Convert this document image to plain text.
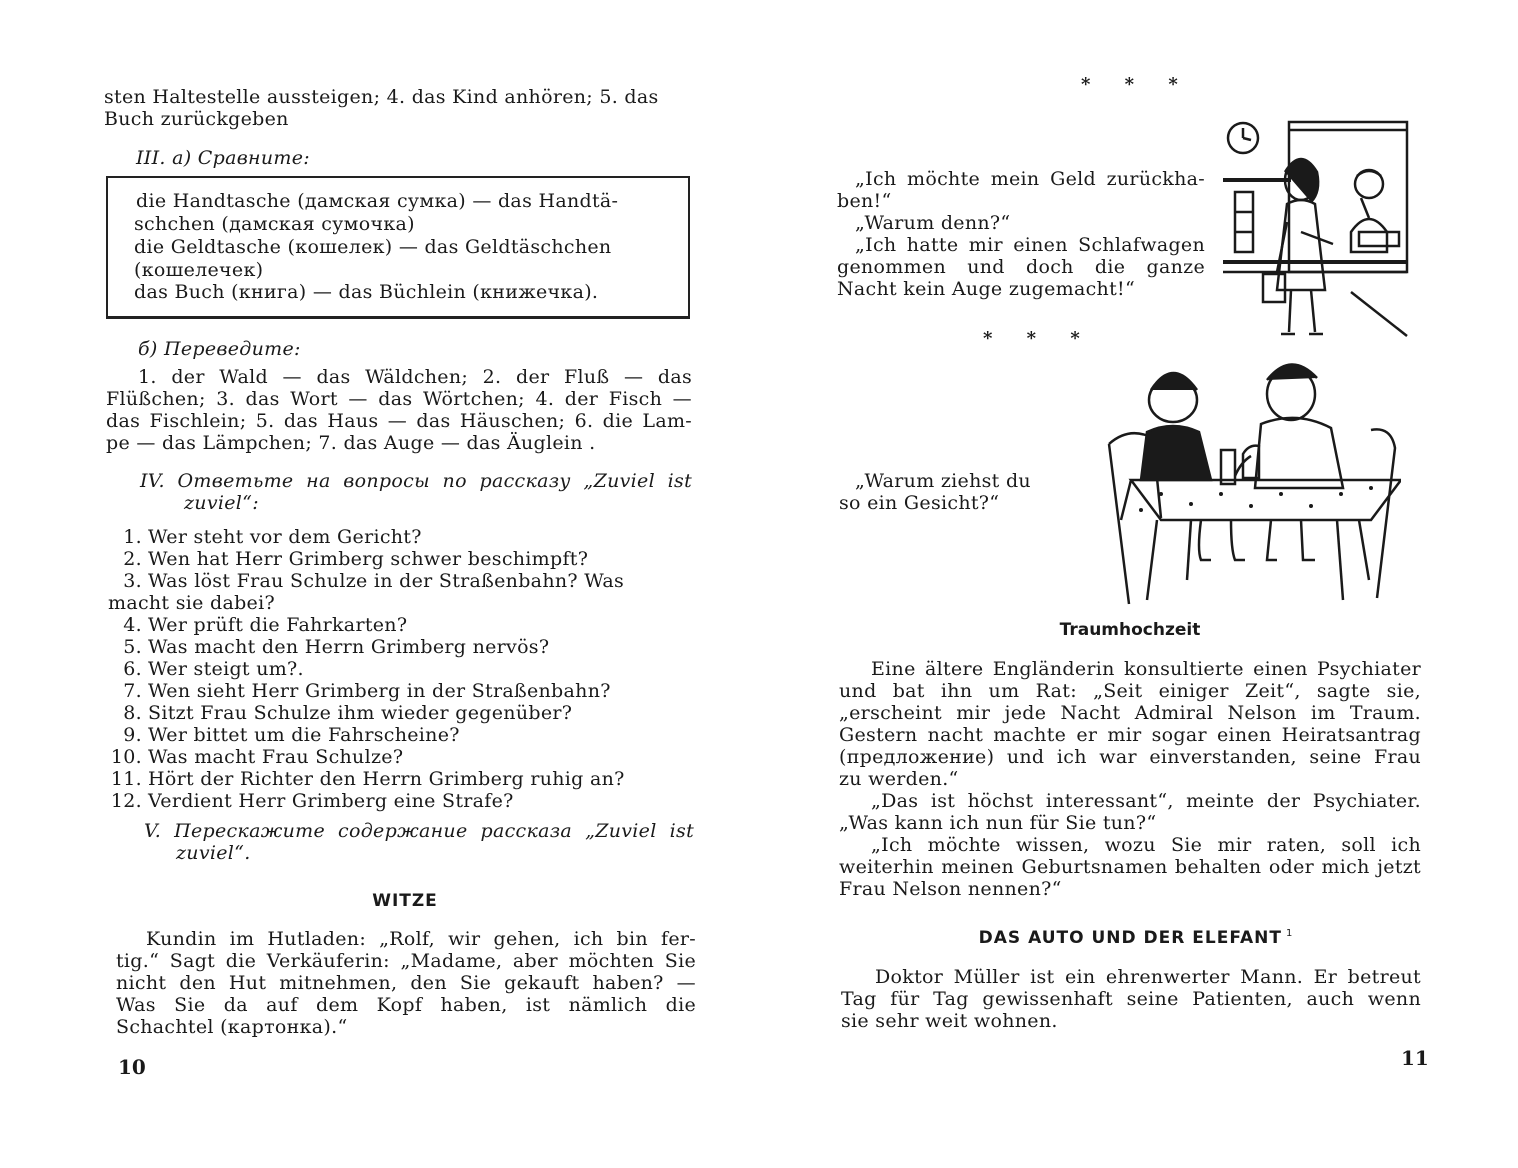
sten Haltestelle aussteigen; 4. das Kind anhören; 5. das Buch zurückgeben
III. а) Сравните:
die Handtasche (дамская сумка) — das Handtä-
schchen (дамская сумочка)
die Geldtasche (кошелек) — das Geldtäschchen
(кошелечек)
das Buch (книга) — das Büchlein (книжечка).
б) Переведите:
1. der Wald — das Wäldchen; 2. der Fluß — das
Flüßchen; 3. das Wort — das Wörtchen; 4. der Fisch —
das Fischlein; 5. das Haus — das Häuschen; 6. die Lam-
pe — das Lämpchen; 7. das Auge — das Äuglein .
IV. Ответьте на вопросы по рассказу „Zuviel ist
zuviel“:
1. Wer steht vor dem Gericht?
2. Wen hat Herr Grimberg schwer beschimpft?
3. Was löst Frau Schulze in der Straßenbahn? Was
macht sie dabei?
4. Wer prüft die Fahrkarten?
5. Was macht den Herrn Grimberg nervös?
6. Wer steigt um?.
7. Wen sieht Herr Grimberg in der Straßenbahn?
8. Sitzt Frau Schulze ihm wieder gegenüber?
9. Wer bittet um die Fahrscheine?
10. Was macht Frau Schulze?
11. Hört der Richter den Herrn Grimberg ruhig an?
12. Verdient Herr Grimberg eine Strafe?
V. Перескажите содержание рассказа „Zuviel ist
zuviel“.
WITZE
Kundin im Hutladen: „Rolf, wir gehen, ich bin fer-
tig.“ Sagt die Verkäuferin: „Madame, aber möchten Sie
nicht den Hut mitnehmen, den Sie gekauft haben? —
Was Sie da auf dem Kopf haben, ist nämlich die
Schachtel (картонка).“
10
* * *
„Ich möchte mein Geld zurückha-
ben!“
„Warum denn?“
„Ich hatte mir einen Schlafwagen
genommen und doch die ganze
Nacht kein Auge zugemacht!“
* * *
„Warum ziehst du
so ein Gesicht?“
Traumhochzeit
Eine ältere Engländerin konsultierte einen Psychiater
und bat ihn um Rat: „Seit einiger Zeit“, sagte sie,
„erscheint mir jede Nacht Admiral Nelson im Traum.
Gestern nacht machte er mir sogar einen Heiratsantrag
(предложение) und ich war einverstanden, seine Frau
zu werden.“
„Das ist höchst interessant“, meinte der Psychiater.
„Was kann ich nun für Sie tun?“
„Ich möchte wissen, wozu Sie mir raten, soll ich
weiterhin meinen Geburtsnamen behalten oder mich jetzt
Frau Nelson nennen?“
DAS AUTO UND DER ELEFANT $^1$
Doktor Müller ist ein ehrenwerter Mann. Er betreut
Tag für Tag gewissenhaft seine Patienten, auch wenn
sie sehr weit wohnen.
11
